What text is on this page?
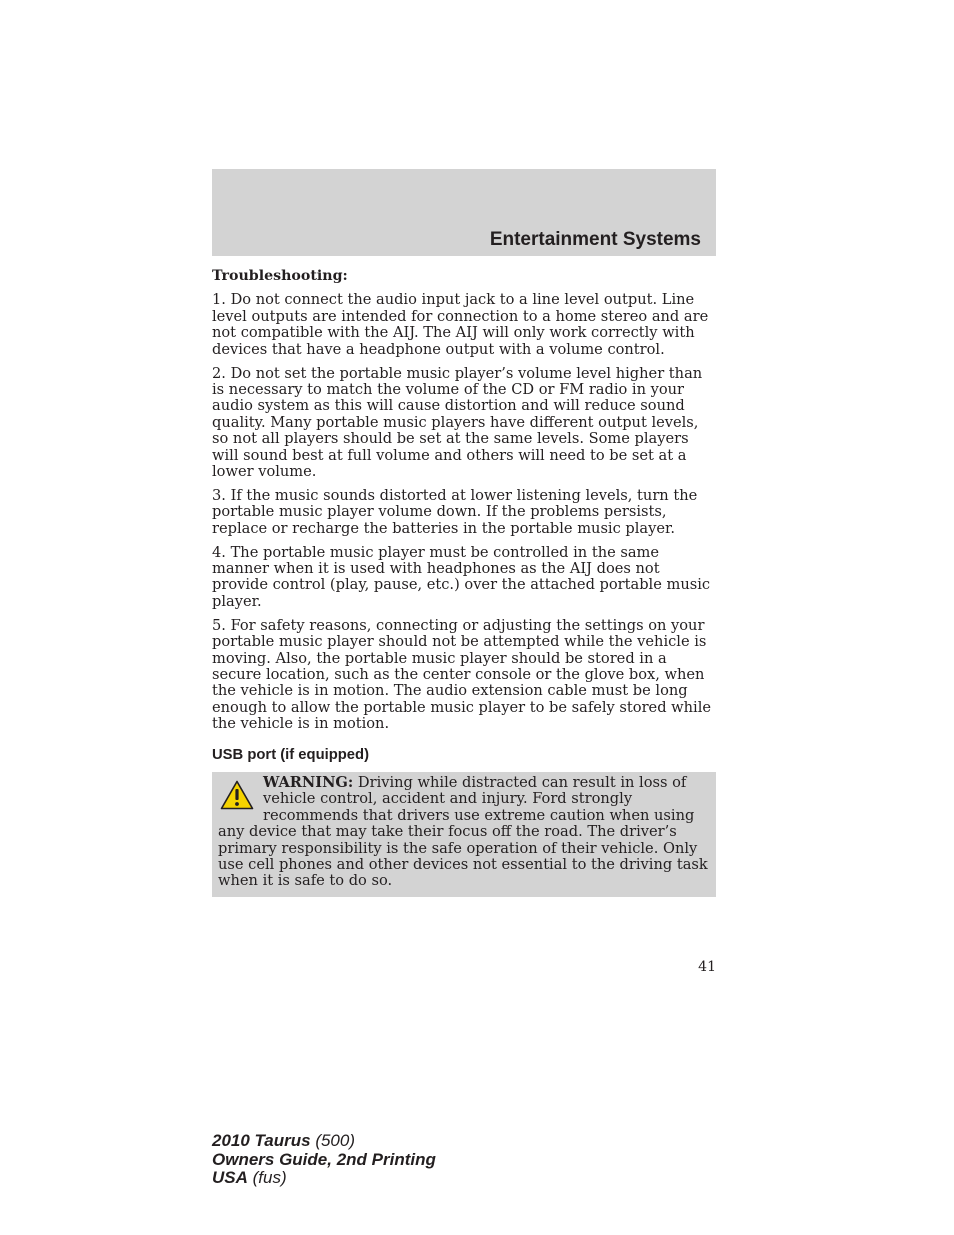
Entertainment Systems
Troubleshooting:

1. Do not connect the audio input jack to a line level output. Line level outputs are intended for connection to a home stereo and are not compatible with the AIJ. The AIJ will only work correctly with devices that have a headphone output with a volume control.

2. Do not set the portable music player’s volume level higher than is necessary to match the volume of the CD or FM radio in your audio system as this will cause distortion and will reduce sound quality. Many portable music players have different output levels, so not all players should be set at the same levels. Some players will sound best at full volume and others will need to be set at a lower volume.

3. If the music sounds distorted at lower listening levels, turn the portable music player volume down. If the problems persists, replace or recharge the batteries in the portable music player.

4. The portable music player must be controlled in the same manner when it is used with headphones as the AIJ does not provide control (play, pause, etc.) over the attached portable music player.

5. For safety reasons, connecting or adjusting the settings on your portable music player should not be attempted while the vehicle is moving. Also, the portable music player should be stored in a secure location, such as the center console or the glove box, when the vehicle is in motion. The audio extension cable must be long enough to allow the portable music player to be safely stored while the vehicle is in motion.

USB port (if equipped)
WARNING: Driving while distracted can result in loss of vehicle control, accident and injury. Ford strongly recommends that drivers use extreme caution when using any device that may take their focus off the road. The driver’s primary responsibility is the safe operation of their vehicle. Only use cell phones and other devices not essential to the driving task when it is safe to do so.
41
2010 Taurus (500)
Owners Guide, 2nd Printing
USA (fus)
